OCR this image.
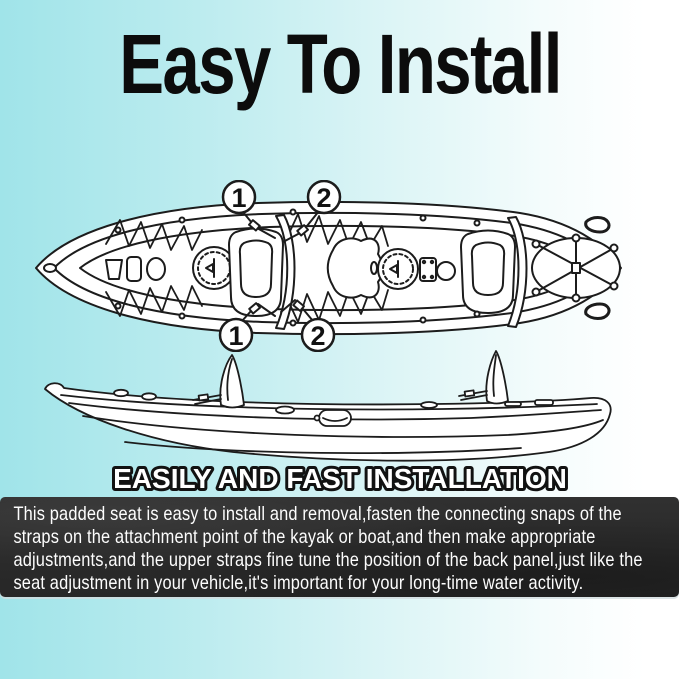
Easy To Install
1	2
1 2
EASILY AND FAST INSTALLATION

This padded seat is easy to install and removal,fasten the connecting snaps of the straps on the attachment point of the kayak or boat,and then make appropriate adjustments,and the upper straps fine tune the position of the back panel,just like the seat adjustment in your vehicle,it's important for your long-time water activity.
